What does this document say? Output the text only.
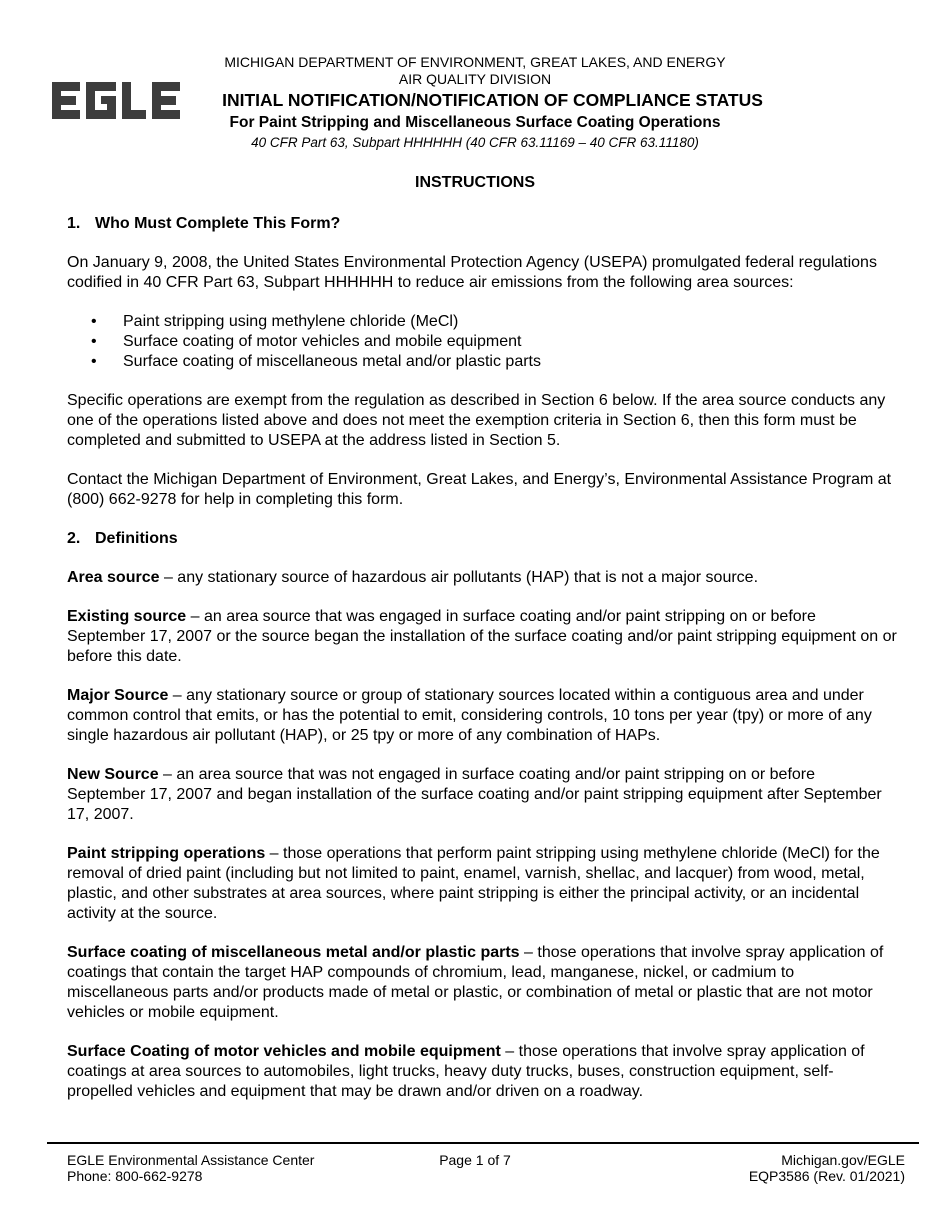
MICHIGAN DEPARTMENT OF ENVIRONMENT, GREAT LAKES, AND ENERGY
AIR QUALITY DIVISION
INITIAL NOTIFICATION/NOTIFICATION OF COMPLIANCE STATUS
For Paint Stripping and Miscellaneous Surface Coating Operations
40 CFR Part 63, Subpart HHHHHH (40 CFR 63.11169 – 40 CFR 63.11180)
INSTRUCTIONS
1. Who Must Complete This Form?

On January 9, 2008, the United States Environmental Protection Agency (USEPA) promulgated federal regulations codified in 40 CFR Part 63, Subpart HHHHHH to reduce air emissions from the following area sources:

• Paint stripping using methylene chloride (MeCl)
• Surface coating of motor vehicles and mobile equipment
• Surface coating of miscellaneous metal and/or plastic parts

Specific operations are exempt from the regulation as described in Section 6 below. If the area source conducts any one of the operations listed above and does not meet the exemption criteria in Section 6, then this form must be completed and submitted to USEPA at the address listed in Section 5.

Contact the Michigan Department of Environment, Great Lakes, and Energy’s, Environmental Assistance Program at (800) 662-9278 for help in completing this form.

2. Definitions

Area source – any stationary source of hazardous air pollutants (HAP) that is not a major source.

Existing source – an area source that was engaged in surface coating and/or paint stripping on or before September 17, 2007 or the source began the installation of the surface coating and/or paint stripping equipment on or before this date.

Major Source – any stationary source or group of stationary sources located within a contiguous area and under common control that emits, or has the potential to emit, considering controls, 10 tons per year (tpy) or more of any single hazardous air pollutant (HAP), or 25 tpy or more of any combination of HAPs.

New Source – an area source that was not engaged in surface coating and/or paint stripping on or before September 17, 2007 and began installation of the surface coating and/or paint stripping equipment after September 17, 2007.

Paint stripping operations – those operations that perform paint stripping using methylene chloride (MeCl) for the removal of dried paint (including but not limited to paint, enamel, varnish, shellac, and lacquer) from wood, metal, plastic, and other substrates at area sources, where paint stripping is either the principal activity, or an incidental activity at the source.

Surface coating of miscellaneous metal and/or plastic parts – those operations that involve spray application of coatings that contain the target HAP compounds of chromium, lead, manganese, nickel, or cadmium to miscellaneous parts and/or products made of metal or plastic, or combination of metal or plastic that are not motor vehicles or mobile equipment.

Surface Coating of motor vehicles and mobile equipment – those operations that involve spray application of coatings at area sources to automobiles, light trucks, heavy duty trucks, buses, construction equipment, self-propelled vehicles and equipment that may be drawn and/or driven on a roadway.

EGLE Environmental Assistance Center
Phone: 800-662-9278
Page 1 of 7	Michigan.gov/EGLE
EQP3586 (Rev. 01/2021)
